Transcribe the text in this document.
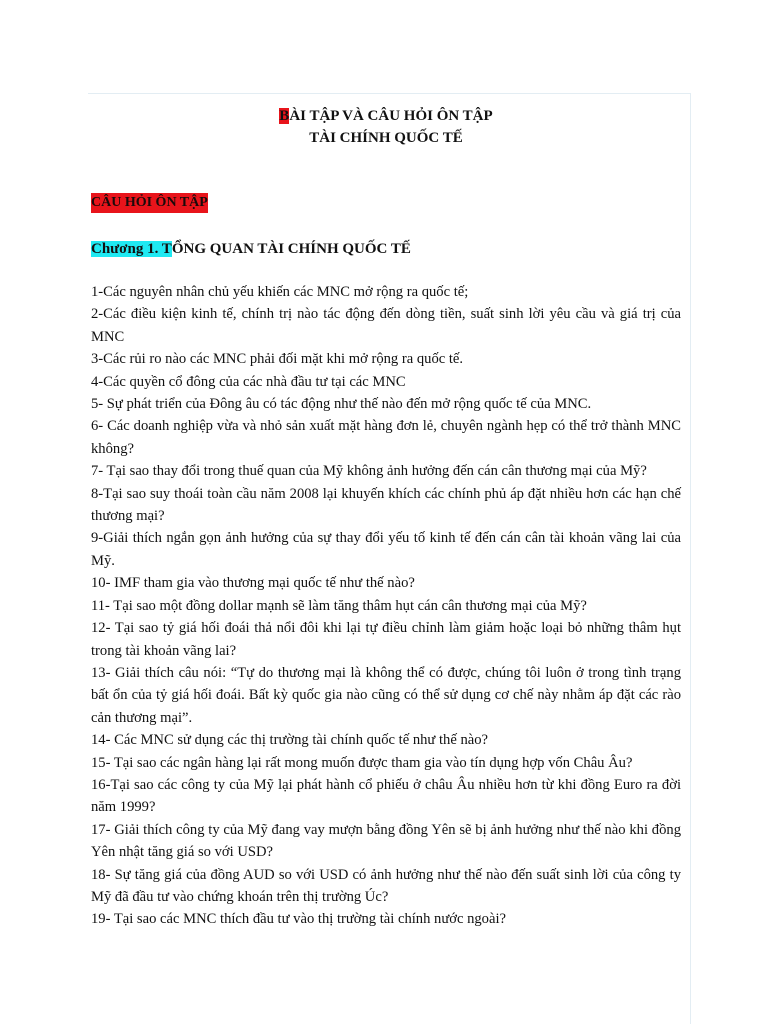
BÀI TẬP VÀ CÂU HỎI ÔN TẬP

TÀI CHÍNH QUỐC TẾ

CÂU HỎI ÔN TẬP
Chương 1. TỔNG QUAN TÀI CHÍNH QUỐC TẾ
1-Các nguyên nhân chủ yếu khiến các MNC mở rộng ra quốc tế;
2-Các điều kiện kinh tế, chính trị nào tác động đến dòng tiền, suất sinh lời yêu cầu và giá trị của MNC
3-Các rủi ro nào các MNC phải đối mặt khi mở rộng ra quốc tế.
4-Các quyền cổ đông của các nhà đầu tư tại các MNC
5- Sự phát triển của Đông âu có tác động như thế nào đến mở rộng quốc tế của MNC.
6- Các doanh nghiệp vừa và nhỏ sản xuất mặt hàng đơn lẻ, chuyên ngành hẹp có thể trở thành MNC không?
7- Tại sao thay đổi trong thuế quan của Mỹ không ảnh hưởng đến cán cân thương mại của Mỹ?
8-Tại sao suy thoái toàn cầu năm 2008 lại khuyến khích các chính phủ áp đặt nhiều hơn các hạn chế thương mại?
9-Giải thích ngắn gọn ảnh hưởng của sự thay đổi yếu tố kinh tế đến cán cân tài khoản vãng lai của Mỹ.
10- IMF tham gia vào thương mại quốc tế như thế nào?
11- Tại sao một đồng dollar mạnh sẽ làm tăng thâm hụt cán cân thương mại của Mỹ?
12- Tại sao tỷ giá hối đoái thả nổi đôi khi lại tự điều chỉnh làm giảm hoặc loại bỏ những thâm hụt trong tài khoản vãng lai?
13- Giải thích câu nói: “Tự do thương mại là không thể có được, chúng tôi luôn ở trong tình trạng bất ổn của tỷ giá hối đoái. Bất kỳ quốc gia nào cũng có thể sử dụng cơ chế này nhằm áp đặt các rào cản thương mại”.
14- Các MNC sử dụng các thị trường tài chính quốc tế như thế nào?
15- Tại sao các ngân hàng lại rất mong muốn được tham gia vào tín dụng hợp vốn Châu Âu?
16-Tại sao các công ty của Mỹ lại phát hành cổ phiếu ở châu Âu nhiều hơn từ khi đồng Euro ra đời năm 1999?
17- Giải thích công ty của Mỹ đang vay mượn bằng đồng Yên sẽ bị ảnh hưởng như thế nào khi đồng Yên nhật tăng giá so với USD?
18- Sự tăng giá của đồng AUD so với USD có ảnh hưởng như thế nào đến suất sinh lời của công ty Mỹ đã đầu tư vào chứng khoán trên thị trường Úc?
19- Tại sao các MNC thích đầu tư vào thị trường tài chính nước ngoài?
